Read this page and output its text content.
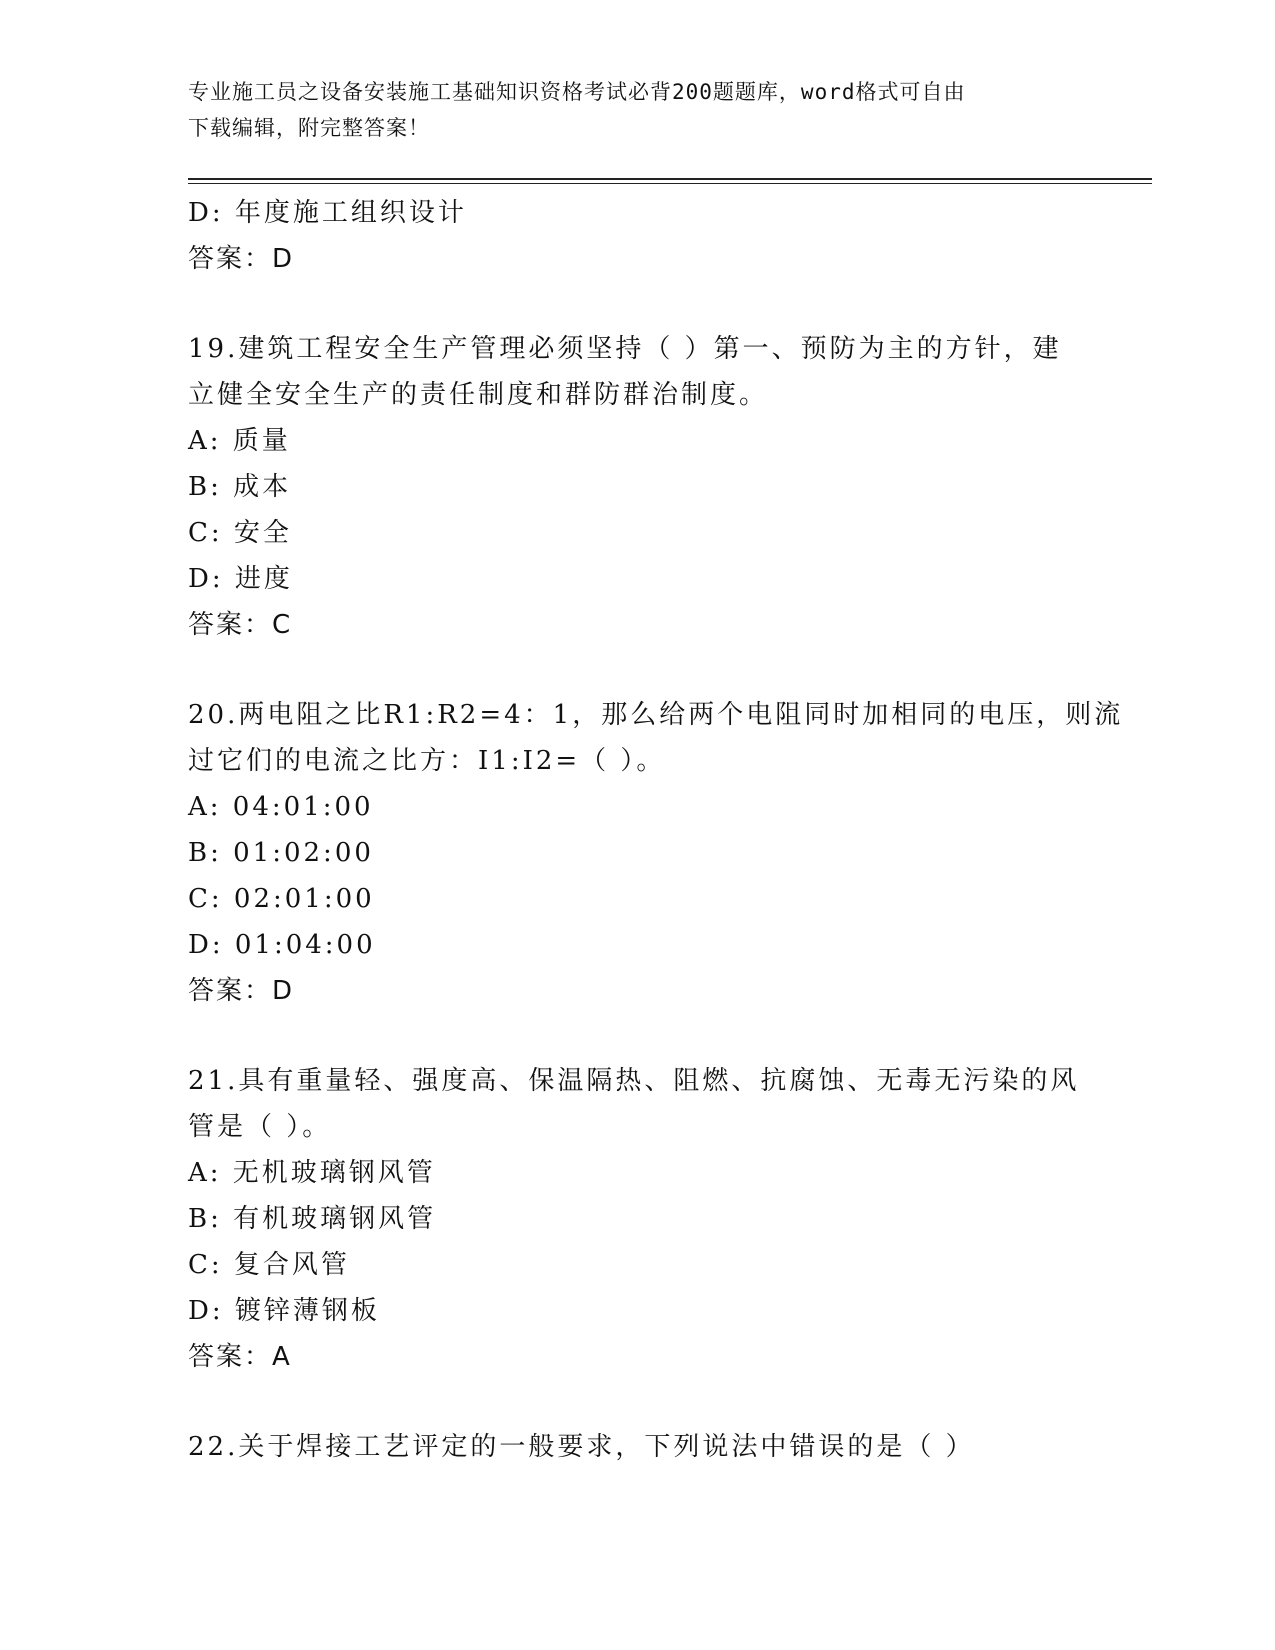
专业施工员之设备安装施工基础知识资格考试必背200题题库，word格式可自由
下载编辑，附完整答案！
D: 年度施工组织设计
答案：D
19.建筑工程安全生产管理必须坚持（ ）第一、预防为主的方针，建
立健全安全生产的责任制度和群防群治制度。
A: 质量
B: 成本
C: 安全
D: 进度
答案：C
20.两电阻之比R1:R2=4：1，那么给两个电阻同时加相同的电压，则流
过它们的电流之比方：I1:I2=（ ）。
A: 04:01:00
B: 01:02:00
C: 02:01:00
D: 01:04:00
答案：D
21.具有重量轻、强度高、保温隔热、阻燃、抗腐蚀、无毒无污染的风
管是（ ）。
A: 无机玻璃钢风管
B: 有机玻璃钢风管
C: 复合风管
D: 镀锌薄钢板
答案：A
22.关于焊接工艺评定的一般要求，下列说法中错误的是（ ）
